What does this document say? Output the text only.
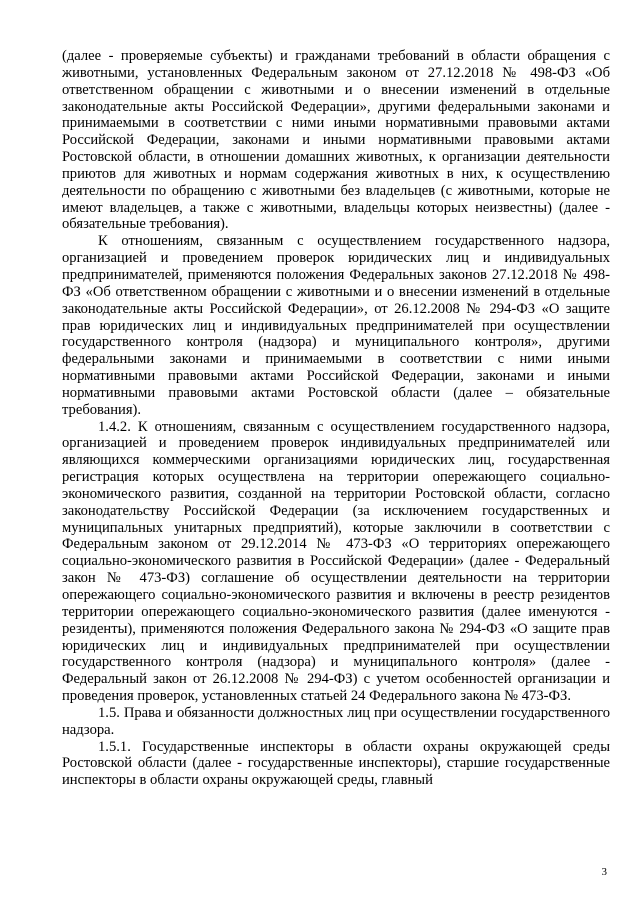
(далее - проверяемые субъекты) и гражданами требований в области обращения с животными, установленных Федеральным законом от 27.12.2018 № 498-ФЗ «Об ответственном обращении с животными и о внесении изменений в отдельные законодательные акты Российской Федерации», другими федеральными законами и принимаемыми в соответствии с ними иными нормативными правовыми актами Российской Федерации, законами и иными нормативными правовыми актами Ростовской области, в отношении домашних животных, к организации деятельности приютов для животных и нормам содержания животных в них, к осуществлению деятельности по обращению с животными без владельцев (с животными, которые не имеют владельцев, а также с животными, владельцы которых неизвестны) (далее - обязательные требования).

К отношениям, связанным с осуществлением государственного надзора, организацией и проведением проверок юридических лиц и индивидуальных предпринимателей, применяются положения Федеральных законов 27.12.2018 № 498-ФЗ «Об ответственном обращении с животными и о внесении изменений в отдельные законодательные акты Российской Федерации», от 26.12.2008 № 294-ФЗ «О защите прав юридических лиц и индивидуальных предпринимателей при осуществлении государственного контроля (надзора) и муниципального контроля», другими федеральными законами и принимаемыми в соответствии с ними иными нормативными правовыми актами Российской Федерации, законами и иными нормативными правовыми актами Ростовской области (далее – обязательные требования).

1.4.2. К отношениям, связанным с осуществлением государственного надзора, организацией и проведением проверок индивидуальных предпринимателей или являющихся коммерческими организациями юридических лиц, государственная регистрация которых осуществлена на территории опережающего социально-экономического развития, созданной на территории Ростовской области, согласно законодательству Российской Федерации (за исключением государственных и муниципальных унитарных предприятий), которые заключили в соответствии с Федеральным законом от 29.12.2014 № 473-ФЗ «О территориях опережающего социально-экономического развития в Российской Федерации» (далее - Федеральный закон № 473-ФЗ) соглашение об осуществлении деятельности на территории опережающего социально-экономического развития и включены в реестр резидентов территории опережающего социально-экономического развития (далее именуются - резиденты), применяются положения Федерального закона № 294-ФЗ «О защите прав юридических лиц и индивидуальных предпринимателей при осуществлении государственного контроля (надзора) и муниципального контроля» (далее - Федеральный закон от 26.12.2008 № 294-ФЗ) с учетом особенностей организации и проведения проверок, установленных статьей 24 Федерального закона № 473-ФЗ.

1.5. Права и обязанности должностных лиц при осуществлении государственного надзора.

1.5.1. Государственные инспекторы в области охраны окружающей среды Ростовской области (далее - государственные инспекторы), старшие государственные инспекторы в области охраны окружающей среды, главный

3
